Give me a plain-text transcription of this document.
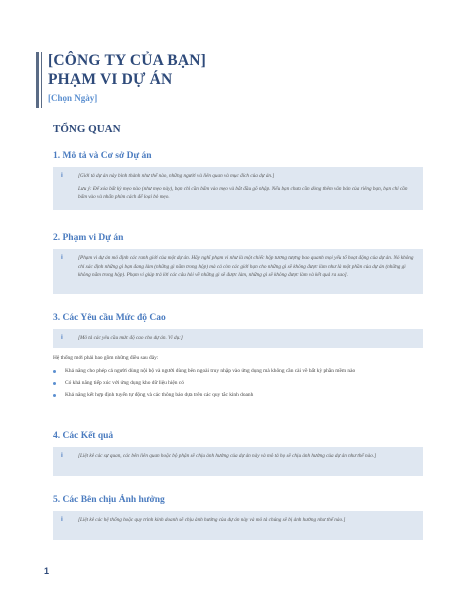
[CÔNG TY CỦA BẠN]
PHẠM VI DỰ ÁN
[Chọn Ngày]
TỔNG QUAN
1. Mô tả và Cơ sở Dự án
i	[Giới tả dự án này bình thành như thế nào, những người và liên quan và mục đích của dự án.]

Lưu ý: Để xóa bất kỳ mẹo nào (như mẹo này), bạn chỉ cần bấm vào mẹo và bắt đầu gõ nhập. Nếu bạn chưa cần dòng thêm văn bản của riêng bạn, bạn chỉ cần bấm vào và nhấn phím cách để loại bỏ mẹo.

2. Phạm vi Dự án
i	[Phạm vi dự án mô định các ranh giới của một dự án. Hãy nghĩ phạm vi như là một chiếc hộp tương tượng bao quanh mọi yếu tố hoạt động của dự án. Nó không chỉ xác định những gì bạn đang làm (những gì nằm trong hộp) mà cả còn các giới hạn cho những gì sẽ không được làm như là một phần của dự án (những gì không nằm trong hộp). Phạm vi giúp trả lời các câu hỏi về những gì sẽ được làm, những gì sẽ không được làm và kết quả ra sao].

3. Các Yêu cầu Mức độ Cao
i	[Mô tả các yêu cầu mức độ cao cho dự án. Ví dụ:]

Hệ thống mới phải bao gồm những điều sau đây:
Khả năng cho phép cả người dùng nội bộ và người dùng bên ngoài truy nhập vào ứng dụng mà không cần cài về bất kỳ phần mềm nào
Có khả năng tiếp xúc với ứng dụng kho dữ liệu hiện có
Khả năng kết hợp định tuyến tự động và các thông báo dựa trên các quy tắc kinh doanh
4. Các Kết quả
i	[Liệt kê các sự quan, các bên liên quan hoặc bộ phận sẽ chịu ảnh hưởng của dự án này và mô tả họ sẽ chịu ảnh hưởng của dự án như thế nào.]

5. Các Bên chịu Ảnh hưởng
i	[Liệt kê các hệ thống hoặc quy trình kinh doanh sẽ chịu ảnh hưởng của dự án này và mô tả chúng sẽ bị ảnh hưởng như thế nào.]

1
